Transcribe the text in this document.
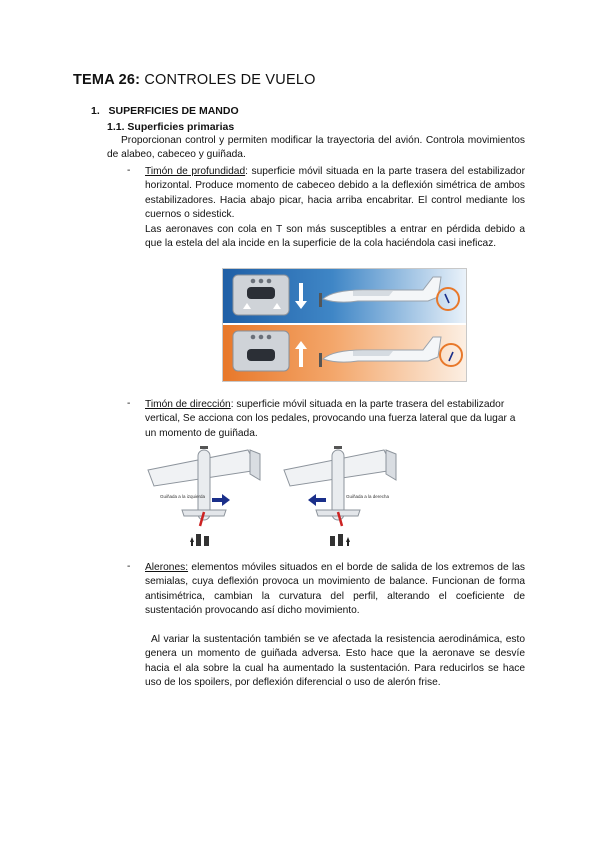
TEMA 26: CONTROLES DE VUELO
1. SUPERFICIES DE MANDO
1.1. Superficies primarias
Proporcionan control y permiten modificar la trayectoria del avión. Controla movimientos de alabeo, cabeceo y guiñada.
- Timón de profundidad: superficie móvil situada en la parte trasera del estabilizador horizontal. Produce momento de cabeceo debido a la deflexión simétrica de ambos estabilizadores. Hacia abajo picar, hacia arriba encabritar. El control mediante los cuernos o sidestick.
Las aeronaves con cola en T son más susceptibles a entrar en pérdida debido a que la estela del ala incide en la superficie de la cola haciéndola casi ineficaz.
- Timón de dirección: superficie móvil situada en la parte trasera del estabilizador vertical, Se acciona con los pedales, provocando una fuerza lateral que da lugar a un momento de guiñada.
Guiñada a la izquierda	Guiñada a la derecha
- Alerones: elementos móviles situados en el borde de salida de los extremos de las semialas, cuya deflexión provoca un movimiento de balance. Funcionan de forma antisimétrica, cambian la curvatura del perfil, alterando el coeficiente de sustentación provocando así dicho movimiento.
Al variar la sustentación también se ve afectada la resistencia aerodinámica, esto genera un momento de guiñada adversa. Esto hace que la aeronave se desvíe hacia el ala sobre la cual ha aumentado la sustentación. Para reducirlos se hace uso de los spoilers, por deflexión diferencial o uso de alerón frise.
